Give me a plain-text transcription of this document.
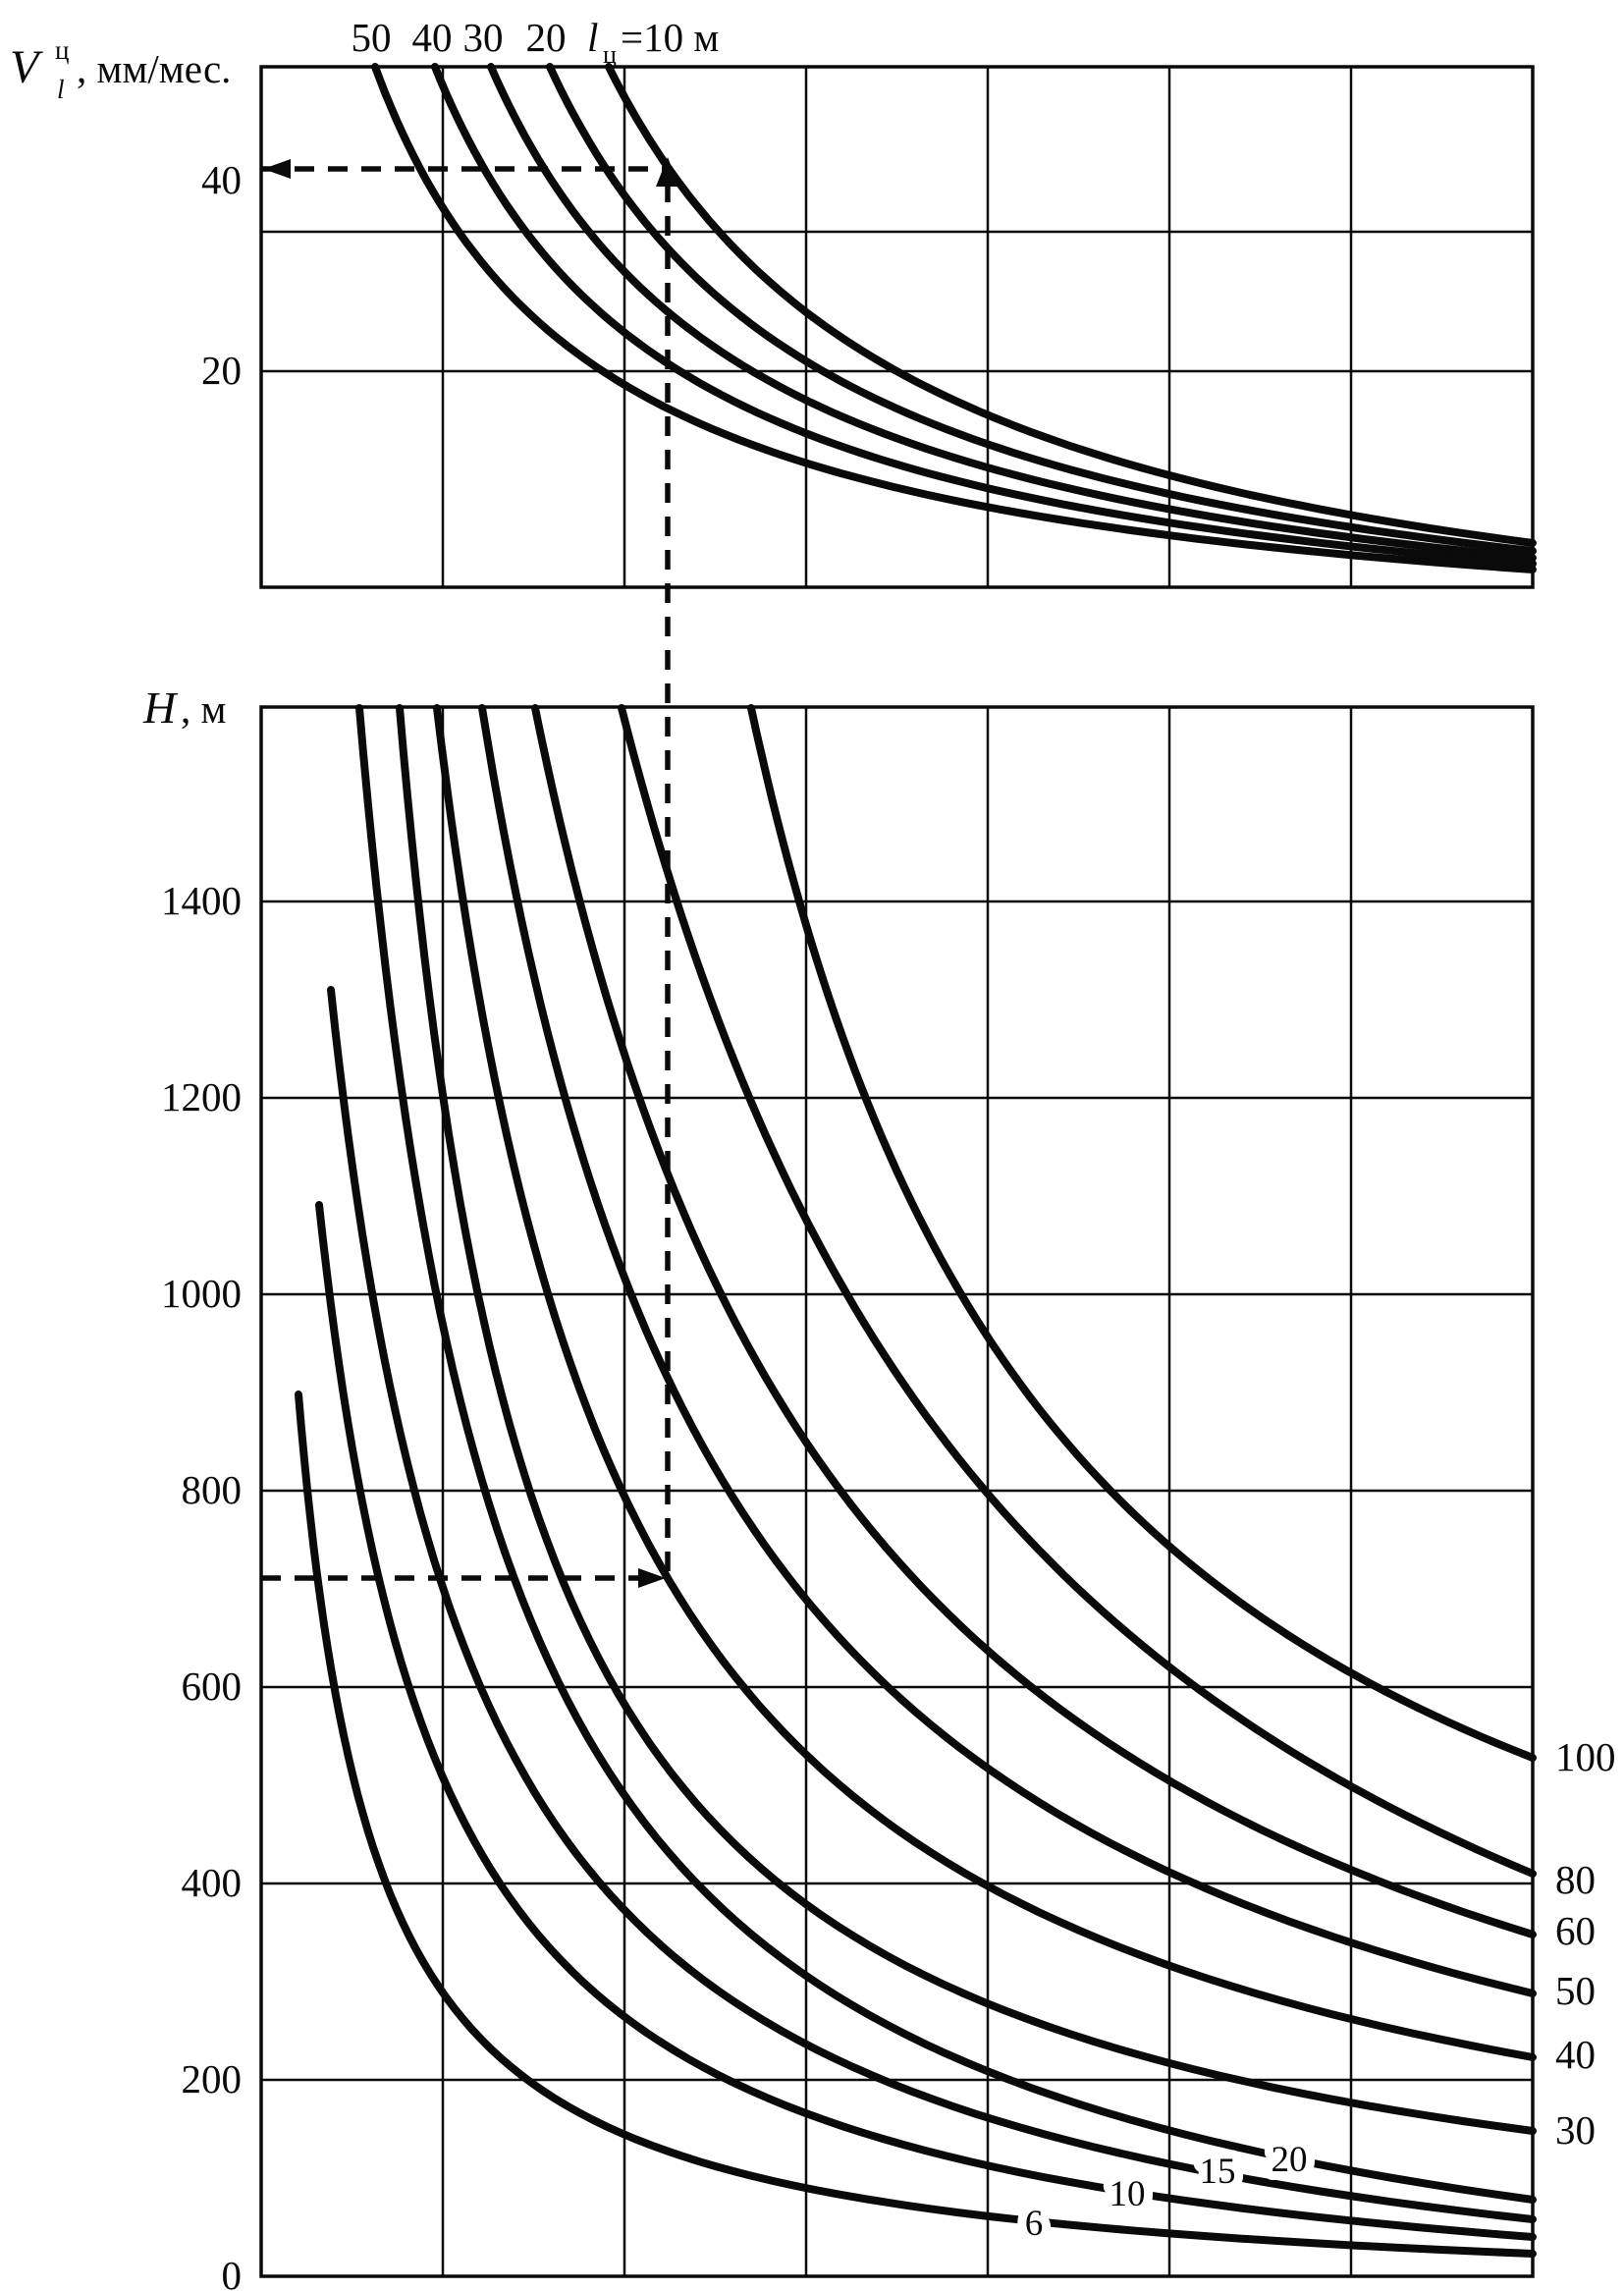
V ц
l , мм/мес.
50 40 30 20 l ц =10 м
40
20
H , м
1400
1200
1000
800
600
400
200
0
100
80
60
50
40
30
6
10
15 20
